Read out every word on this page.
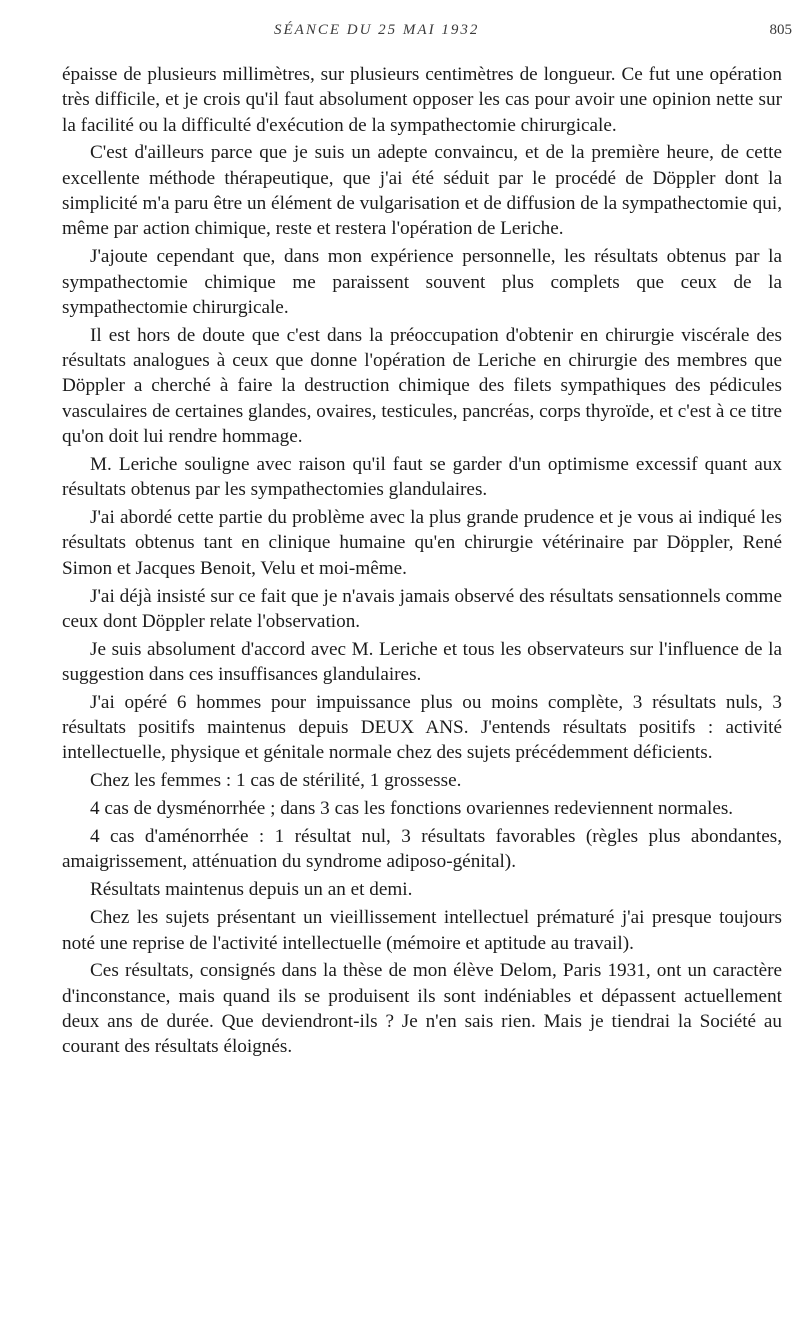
SÉANCE DU 25 MAI 1932	805

épaisse de plusieurs millimètres, sur plusieurs centimètres de longueur. Ce fut une opération très difficile, et je crois qu'il faut absolument opposer les cas pour avoir une opinion nette sur la facilité ou la difficulté d'exécution de la sympathectomie chirurgicale.

C'est d'ailleurs parce que je suis un adepte convaincu, et de la première heure, de cette excellente méthode thérapeutique, que j'ai été séduit par le procédé de Döppler dont la simplicité m'a paru être un élément de vulgarisation et de diffusion de la sympathectomie qui, même par action chimique, reste et restera l'opération de Leriche.

J'ajoute cependant que, dans mon expérience personnelle, les résultats obtenus par la sympathectomie chimique me paraissent souvent plus complets que ceux de la sympathectomie chirurgicale.

Il est hors de doute que c'est dans la préoccupation d'obtenir en chirurgie viscérale des résultats analogues à ceux que donne l'opération de Leriche en chirurgie des membres que Döppler a cherché à faire la destruction chimique des filets sympathiques des pédicules vasculaires de certaines glandes, ovaires, testicules, pancréas, corps thyroïde, et c'est à ce titre qu'on doit lui rendre hommage.

M. Leriche souligne avec raison qu'il faut se garder d'un optimisme excessif quant aux résultats obtenus par les sympathectomies glandulaires.

J'ai abordé cette partie du problème avec la plus grande prudence et je vous ai indiqué les résultats obtenus tant en clinique humaine qu'en chirurgie vétérinaire par Döppler, René Simon et Jacques Benoit, Velu et moi-même.

J'ai déjà insisté sur ce fait que je n'avais jamais observé des résultats sensationnels comme ceux dont Döppler relate l'observation.

Je suis absolument d'accord avec M. Leriche et tous les observateurs sur l'influence de la suggestion dans ces insuffisances glandulaires.

J'ai opéré 6 hommes pour impuissance plus ou moins complète, 3 résultats nuls, 3 résultats positifs maintenus depuis DEUX ANS. J'entends résultats positifs : activité intellectuelle, physique et génitale normale chez des sujets précédemment déficients.

Chez les femmes : 1 cas de stérilité, 1 grossesse.

4 cas de dysménorrhée ; dans 3 cas les fonctions ovariennes redeviennent normales.

4 cas d'aménorrhée : 1 résultat nul, 3 résultats favorables (règles plus abondantes, amaigrissement, atténuation du syndrome adiposo-génital).

Résultats maintenus depuis un an et demi.

Chez les sujets présentant un vieillissement intellectuel prématuré j'ai presque toujours noté une reprise de l'activité intellectuelle (mémoire et aptitude au travail).

Ces résultats, consignés dans la thèse de mon élève Delom, Paris 1931, ont un caractère d'inconstance, mais quand ils se produisent ils sont indéniables et dépassent actuellement deux ans de durée. Que deviendront-ils ? Je n'en sais rien. Mais je tiendrai la Société au courant des résultats éloignés.
